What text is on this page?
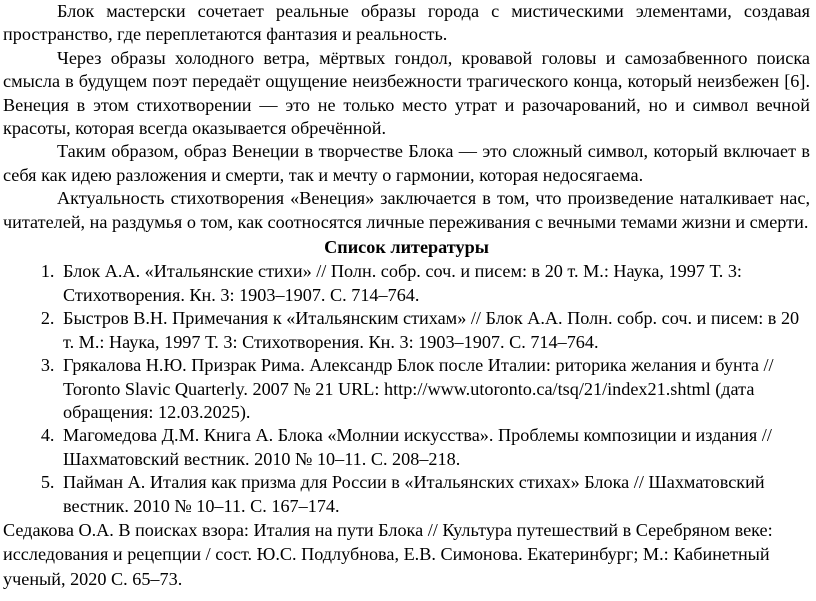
Блок мастерски сочетает реальные образы города с мистическими элементами, создавая пространство, где переплетаются фантазия и реальность.

Через образы холодного ветра, мёртвых гондол, кровавой головы и самозабвенного поиска смысла в будущем поэт передаёт ощущение неизбежности трагического конца, который неизбежен [6]. Венеция в этом стихотворении — это не только место утрат и разочарований, но и символ вечной красоты, которая всегда оказывается обречённой.

Таким образом, образ Венеции в творчестве Блока — это сложный символ, который включает в себя как идею разложения и смерти, так и мечту о гармонии, которая недосягаема.

Актуальность стихотворения «Венеция» заключается в том, что произведение наталкивает нас, читателей, на раздумья о том, как соотносятся личные переживания с вечными темами жизни и смерти.

Список литературы
1. Блок А.А. «Итальянские стихи» // Полн. собр. соч. и писем: в 20 т. М.: Наука, 1997 Т. 3: Стихотворения. Кн. 3: 1903–1907. С. 714–764.
2. Быстров В.Н. Примечания к «Итальянским стихам» // Блок А.А. Полн. собр. соч. и писем: в 20 т. М.: Наука, 1997 Т. 3: Стихотворения. Кн. 3: 1903–1907. С. 714–764.
3. Грякалова Н.Ю. Призрак Рима. Александр Блок после Италии: риторика желания и бунта // Toronto Slavic Quarterly. 2007 № 21 URL: http://www.utoronto.ca/tsq/21/index21.shtml (дата обращения: 12.03.2025).
4. Магомедова Д.М. Книга А. Блока «Молнии искусства». Проблемы композиции и издания // Шахматовский вестник. 2010 № 10–11. С. 208–218.
5. Пайман А. Италия как призма для России в «Итальянских стихах» Блока // Шахматовский вестник. 2010 № 10–11. С. 167–174.

Седакова О.А. В поисках взора: Италия на пути Блока // Культура путешествий в Серебряном веке: исследования и рецепции / сост. Ю.С. Подлубнова, Е.В. Симонова. Екатеринбург; М.: Кабинетный ученый, 2020 С. 65–73.
